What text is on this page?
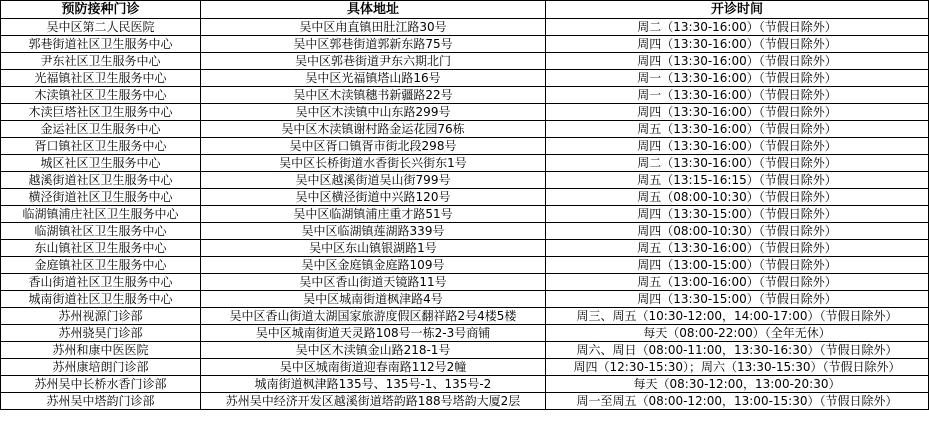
预防接种门诊	具体地址	开诊时间
吴中区第二人民医院	吴中区甪直镇田肚江路30号	周二（13:30-16:00）（节假日除外）
郭巷街道社区卫生服务中心	吴中区郭巷街道郭新东路75号	周四（13:30-16:00）（节假日除外）
尹东社区卫生服务中心	吴中区郭巷街道尹东六期北门	周四（13:30-16:00）（节假日除外）
光福镇社区卫生服务中心	吴中区光福镇塔山路16号	周一（13:30-16:00）（节假日除外）
木渎镇社区卫生服务中心	吴中区木渎镇穗书新疆路22号	周一（13:30-16:00）（节假日除外）
木渎巨塔社区卫生服务中心	吴中区木渎镇中山东路299号	周四（13:30-16:00）（节假日除外）
金运社区卫生服务中心	吴中区木渎镇谢村路金运花园76栋	周五（13:30-16:00）（节假日除外）
胥口镇社区卫生服务中心	吴中区胥口镇胥市街北段298号	周四（13:30-16:00）（节假日除外）
城区社区卫生服务中心	吴中区长桥街道水香街长兴街东1号	周二（13:30-16:00）（节假日除外）
越溪街道社区卫生服务中心	吴中区越溪街道吴山街799号	周五（13:15-16:15）（节假日除外）
横泾街道社区卫生服务中心	吴中区横泾街道中兴路120号	周五（08:00-10:30）（节假日除外）
临湖镇浦庄社区卫生服务中心	吴中区临湖镇浦庄重才路51号	周四（13:30-15:00）（节假日除外）
临湖镇社区卫生服务中心	吴中区临湖镇莲湖路339号	周四（08:00-10:30）（节假日除外）
东山镇社区卫生服务中心	吴中区东山镇银湖路1号	周五（13:30-16:00）（节假日除外）
金庭镇社区卫生服务中心	吴中区金庭镇金庭路109号	周四（13:00-15:00）（节假日除外）
香山街道社区卫生服务中心	吴中区香山街道天镜路11号	周五（13:00-16:00）（节假日除外）
城南街道社区卫生服务中心	吴中区城南街道枫津路4号	周四（13:30-15:00）（节假日除外）
苏州视源门诊部	吴中区香山街道太湖国家旅游度假区翻祥路2号4楼5楼	周三、周五（10:30-12:00，14:00-17:00）（节假日除外）
苏州骁昊门诊部	吴中区城南街道天灵路108号一栋2-3号商铺	每天（08:00-22:00）（全年无休）
苏州和康中医医院	吴中区木渎镇金山路218-1号	周六、周日（08:00-11:00，13:30-16:30）（节假日除外）
苏州康培朗门诊部	吴中区城南街道迎春南路112号2幢	周四（12:30-15:30）；周六（13:30-15:30）（节假日除外）
苏州吴中长桥水香门诊部	城南街道枫津路135号、135号-1、135号-2	每天（08:30-12:00，13:00-20:30）
苏州吴中塔韵门诊部	苏州吴中经济开发区越溪街道塔韵路188号塔韵大厦2层	周一至周五（08:00-12:00，13:00-15:30）（节假日除外）
